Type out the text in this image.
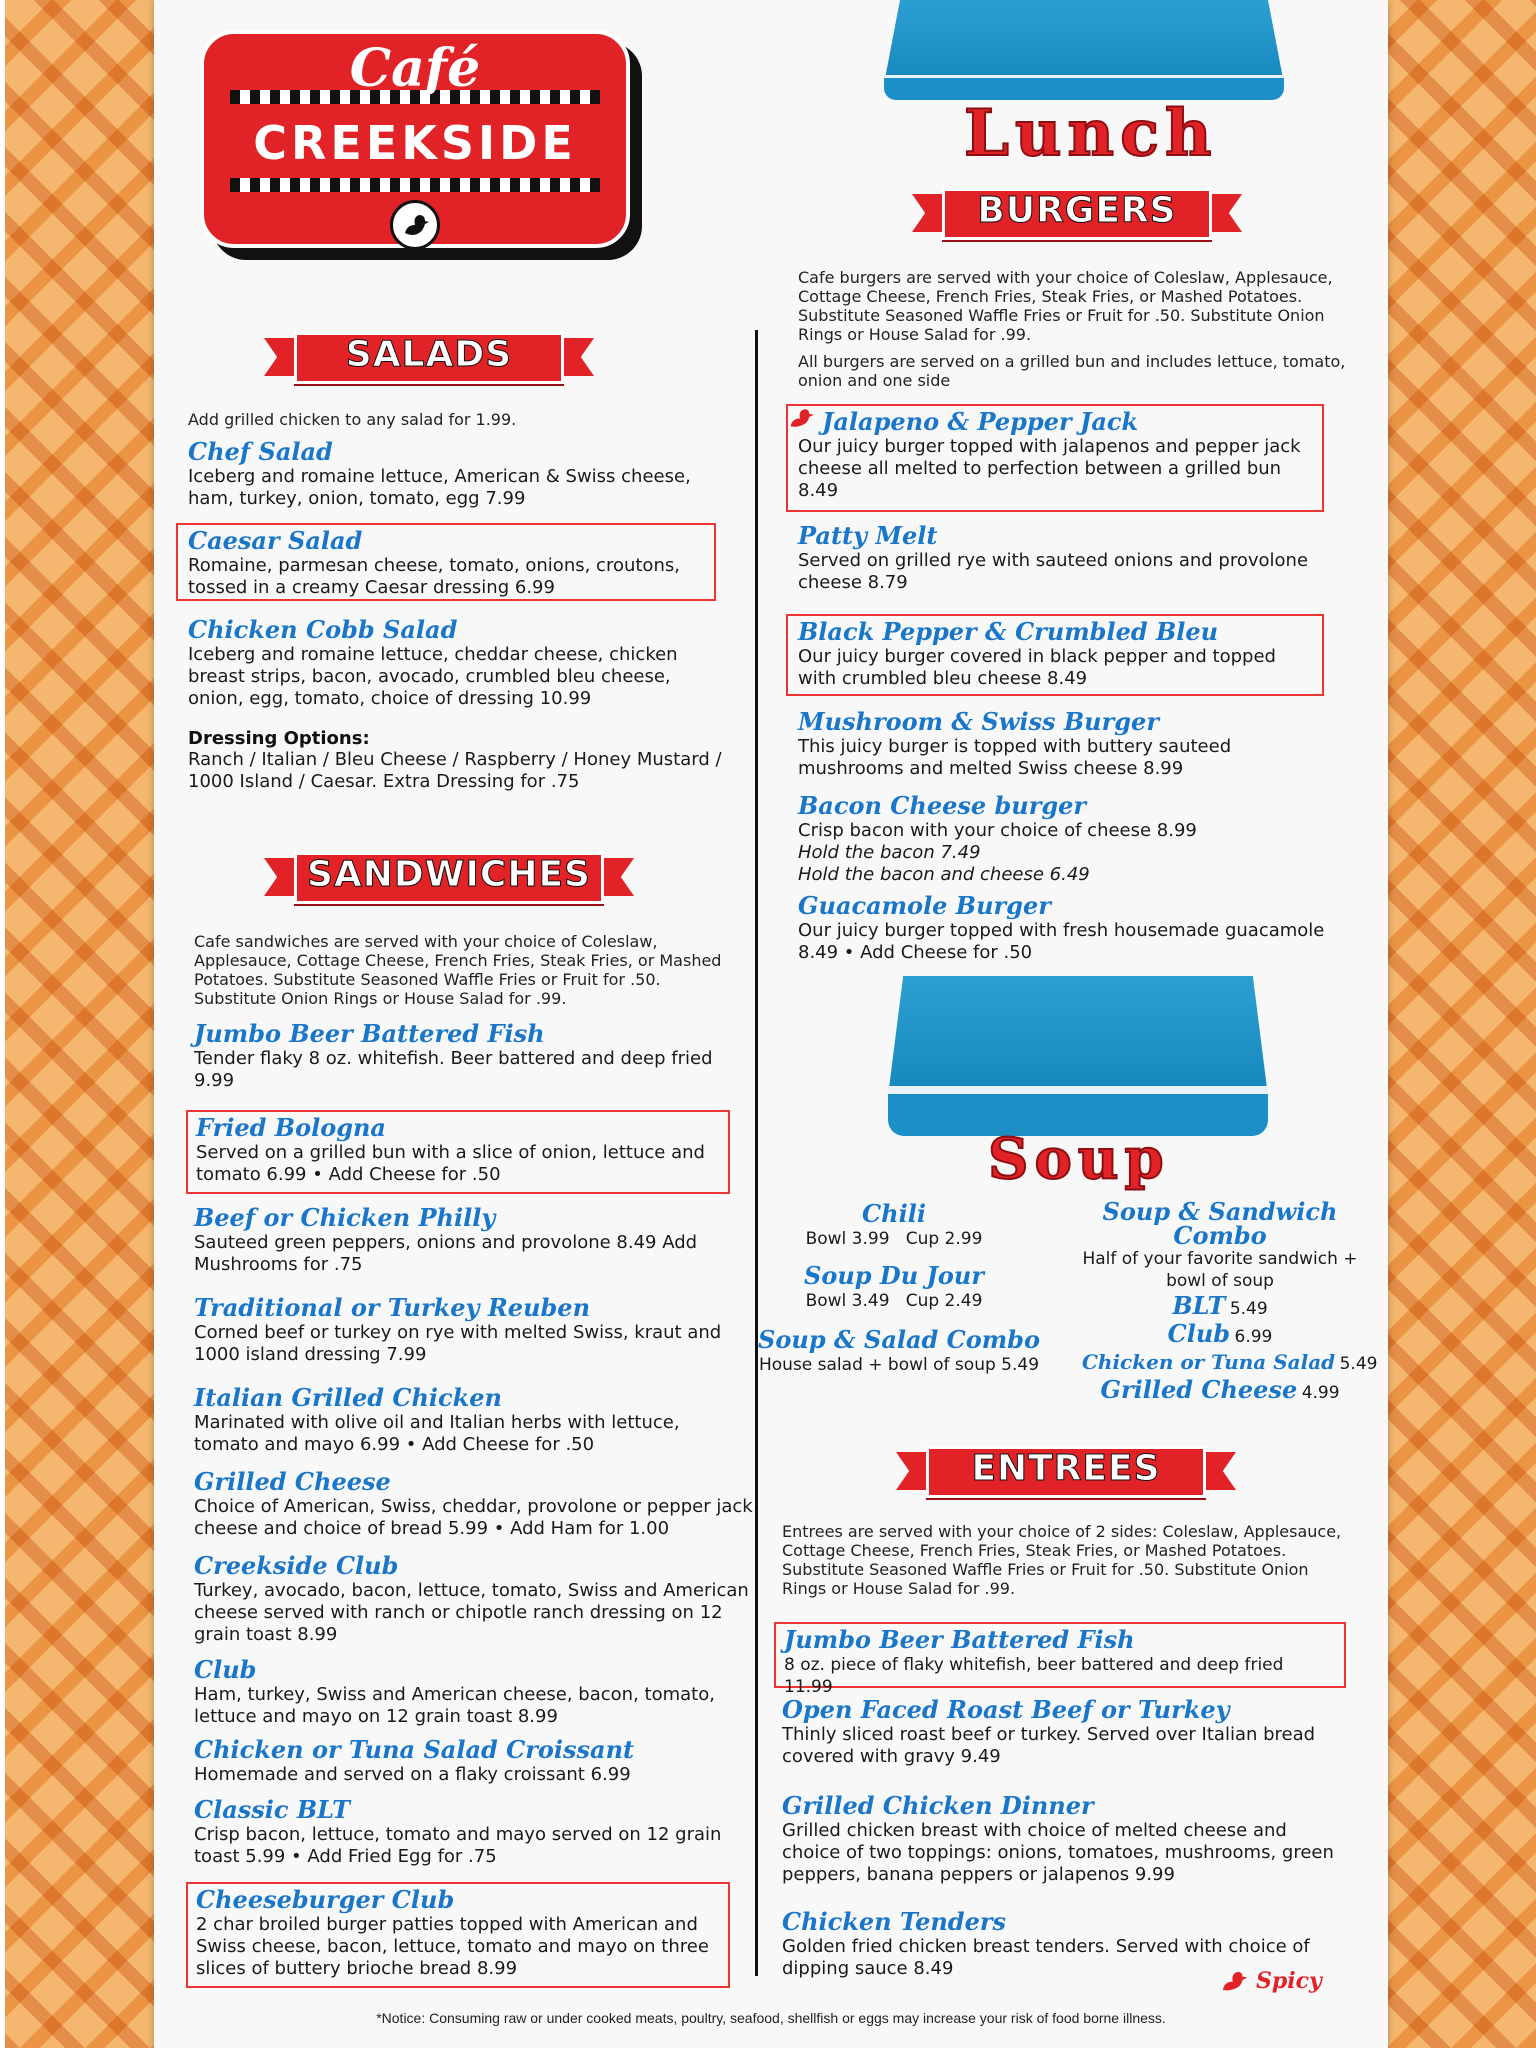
Café
CREEKSIDE	Lunch
BURGERS
SALADS
Add grilled chicken to any salad for 1.99.
Chef Salad
Iceberg and romaine lettuce, American & Swiss cheese, ham, turkey, onion, tomato, egg 7.99
Caesar Salad
Romaine, parmesan cheese, tomato, onions, croutons, tossed in a creamy Caesar dressing 6.99
Chicken Cobb Salad
Iceberg and romaine lettuce, cheddar cheese, chicken breast strips, bacon, avocado, crumbled bleu cheese, onion, egg, tomato, choice of dressing 10.99
Dressing Options:
Ranch / Italian / Bleu Cheese / Raspberry / Honey Mustard / 1000 Island / Caesar. Extra Dressing for .75
SANDWICHES
Cafe sandwiches are served with your choice of Coleslaw, Applesauce, Cottage Cheese, French Fries, Steak Fries, or Mashed Potatoes. Substitute Seasoned Waffle Fries or Fruit for .50. Substitute Onion Rings or House Salad for .99.
Jumbo Beer Battered Fish
Tender flaky 8 oz. whitefish. Beer battered and deep fried 9.99
Fried Bologna
Served on a grilled bun with a slice of onion, lettuce and tomato 6.99 • Add Cheese for .50
Beef or Chicken Philly
Sauteed green peppers, onions and provolone 8.49 Add Mushrooms for .75
Traditional or Turkey Reuben
Corned beef or turkey on rye with melted Swiss, kraut and 1000 island dressing 7.99
Italian Grilled Chicken
Marinated with olive oil and Italian herbs with lettuce, tomato and mayo 6.99 • Add Cheese for .50
Grilled Cheese
Choice of American, Swiss, cheddar, provolone or pepper jack cheese and choice of bread 5.99 • Add Ham for 1.00
Creekside Club
Turkey, avocado, bacon, lettuce, tomato, Swiss and American cheese served with ranch or chipotle ranch dressing on 12 grain toast 8.99
Club
Ham, turkey, Swiss and American cheese, bacon, tomato, lettuce and mayo on 12 grain toast 8.99
Chicken or Tuna Salad Croissant
Homemade and served on a flaky croissant 6.99
Classic BLT
Crisp bacon, lettuce, tomato and mayo served on 12 grain toast 5.99 • Add Fried Egg for .75
Cheeseburger Club
2 char broiled burger patties topped with American and Swiss cheese, bacon, lettuce, tomato and mayo on three slices of buttery brioche bread 8.99
Cafe burgers are served with your choice of Coleslaw, Applesauce, Cottage Cheese, French Fries, Steak Fries, or Mashed Potatoes. Substitute Seasoned Waffle Fries or Fruit for .50. Substitute Onion Rings or House Salad for .99.
All burgers are served on a grilled bun and includes lettuce, tomato, onion and one side
Jalapeno & Pepper Jack
Our juicy burger topped with jalapenos and pepper jack cheese all melted to perfection between a grilled bun 8.49
Patty Melt
Served on grilled rye with sauteed onions and provolone cheese 8.79
Black Pepper & Crumbled Bleu
Our juicy burger covered in black pepper and topped with crumbled bleu cheese 8.49
Mushroom & Swiss Burger
This juicy burger is topped with buttery sauteed mushrooms and melted Swiss cheese 8.99
Bacon Cheese burger
Crisp bacon with your choice of cheese 8.99
Hold the bacon 7.49
Hold the bacon and cheese 6.49
Guacamole Burger
Our juicy burger topped with fresh housemade guacamole 8.49 • Add Cheese for .50
Soup
Chili
Bowl 3.99   Cup 2.99
Soup Du Jour
Bowl 3.49   Cup 2.49
Soup & Salad Combo
House salad + bowl of soup 5.49
Soup & Sandwich Combo
Half of your favorite sandwich + bowl of soup
BLT 5.49
Club 6.99
Chicken or Tuna Salad 5.49
Grilled Cheese 4.99
ENTREES
Entrees are served with your choice of 2 sides: Coleslaw, Applesauce, Cottage Cheese, French Fries, Steak Fries, or Mashed Potatoes. Substitute Seasoned Waffle Fries or Fruit for .50. Substitute Onion Rings or House Salad for .99.
Jumbo Beer Battered Fish
8 oz. piece of flaky whitefish, beer battered and deep fried 11.99
Open Faced Roast Beef or Turkey
Thinly sliced roast beef or turkey. Served over Italian bread covered with gravy 9.49
Grilled Chicken Dinner
Grilled chicken breast with choice of melted cheese and choice of two toppings: onions, tomatoes, mushrooms, green peppers, banana peppers or jalapenos 9.99
Chicken Tenders
Golden fried chicken breast tenders. Served with choice of dipping sauce 8.49	Spicy
*Notice: Consuming raw or under cooked meats, poultry, seafood, shellfish or eggs may increase your risk of food borne illness.
